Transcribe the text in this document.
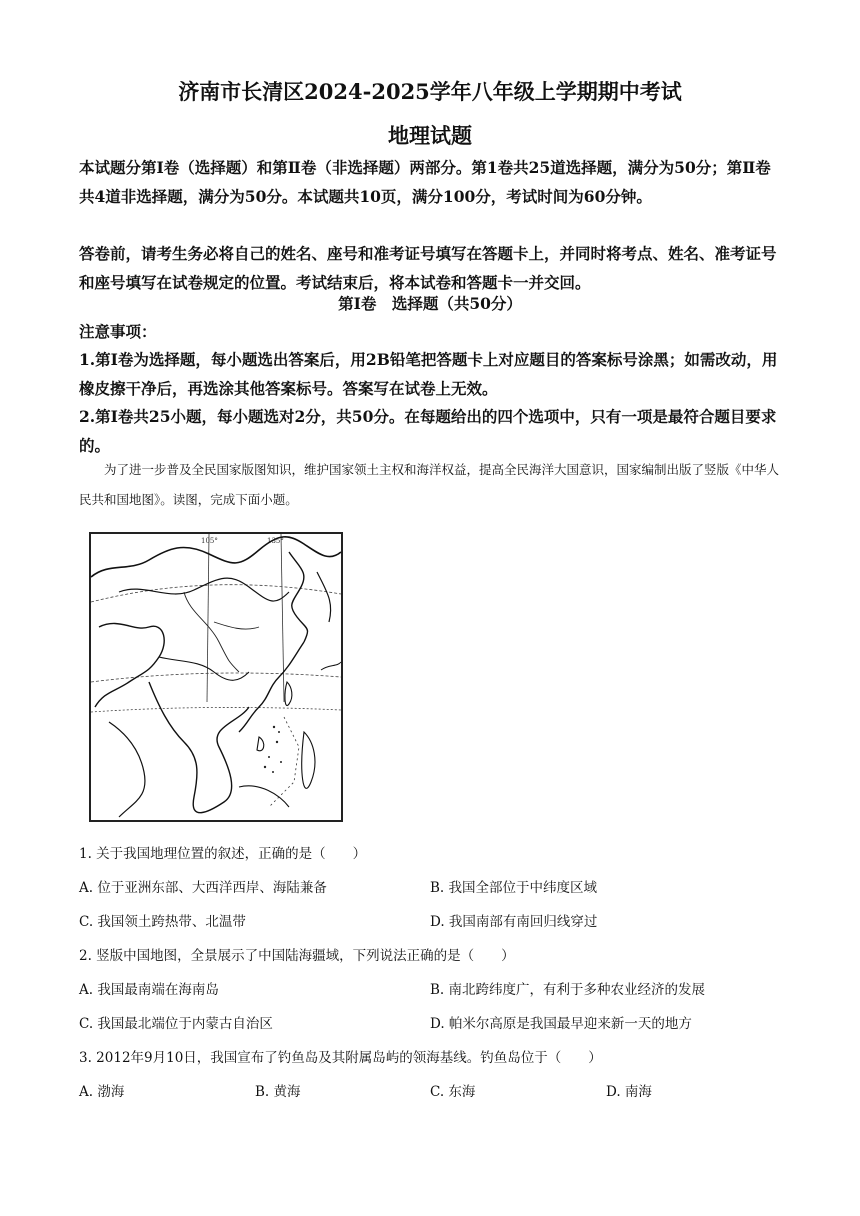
济南市长清区2024-2025学年八年级上学期期中考试
地理试题
本试题分第I卷（选择题）和第Ⅱ卷（非选择题）两部分。第1卷共25道选择题，满分为50分；第Ⅱ卷共4道非选择题，满分为50分。本试题共10页，满分100分，考试时间为60分钟。
答卷前，请考生务必将自己的姓名、座号和准考证号填写在答题卡上，并同时将考点、姓名、准考证号和座号填写在试卷规定的位置。考试结束后，将本试卷和答题卡一并交回。
第I卷　选择题（共50分）
注意事项：
1.第I卷为选择题，每小题选出答案后，用2B铅笔把答题卡上对应题目的答案标号涂黑；如需改动，用橡皮擦干净后，再选涂其他答案标号。答案写在试卷上无效。
2.第Ⅰ卷共25小题，每小题选对2分，共50分。在每题给出的四个选项中，只有一项是最符合题目要求的。
为了进一步普及全民国家版图知识，维护国家领土主权和海洋权益，提高全民海洋大国意识，国家编制出版了竖版《中华人民共和国地图》。读图，完成下面小题。
105°	135°
1. 关于我国地理位置的叙述，正确的是（　　）
A. 位于亚洲东部、大西洋西岸、海陆兼备	B. 我国全部位于中纬度区域
C. 我国领土跨热带、北温带	D. 我国南部有南回归线穿过
2. 竖版中国地图，全景展示了中国陆海疆域，下列说法正确的是（　　）
A. 我国最南端在海南岛	B. 南北跨纬度广，有利于多种农业经济的发展
C. 我国最北端位于内蒙古自治区	D. 帕米尔高原是我国最早迎来新一天的地方
3. 2012年9月10日，我国宣布了钓鱼岛及其附属岛屿的领海基线。钓鱼岛位于（　　）
A. 渤海	B. 黄海	C. 东海	D. 南海
